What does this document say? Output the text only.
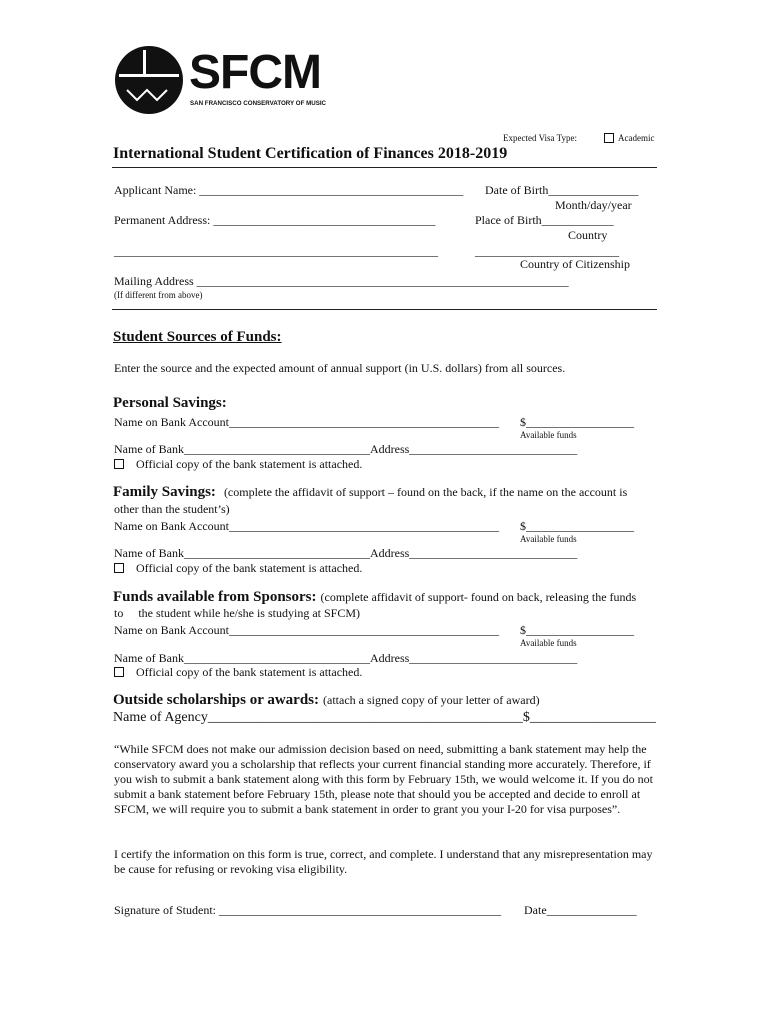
SFCM
SAN FRANCISCO CONSERVATORY OF MUSIC
Expected Visa Type:	Academic
International Student Certification of Finances 2018-2019
Applicant Name: ____________________________________________ Date of Birth_______________
Month/day/year
Permanent Address: _____________________________________	Place of Birth____________
Country
______________________________________________________	________________________
Country of Citizenship
Mailing Address ______________________________________________________________
(If different from above)
Student Sources of Funds:
Enter the source and the expected amount of annual support (in U.S. dollars) from all sources.
Personal Savings:
Name on Bank Account_____________________________________________ $__________________
Available funds
Name of Bank_______________________________Address____________________________
Official copy of the bank statement is attached.
Family Savings: (complete the affidavit of support – found on the back, if the name on the account is
other than the student’s)
Name on Bank Account_____________________________________________ $__________________
Available funds
Name of Bank_______________________________Address____________________________
Official copy of the bank statement is attached.
Funds available from Sponsors: (complete affidavit of support- found on back, releasing the funds
to     the student while he/she is studying at SFCM)
Name on Bank Account_____________________________________________ $__________________
Available funds
Name of Bank_______________________________Address____________________________
Official copy of the bank statement is attached.
Outside scholarships or awards: (attach a signed copy of your letter of award)
Name of Agency_____________________________________________$__________________
“While SFCM does not make our admission decision based on need, submitting a bank statement may help the conservatory award you a scholarship that reflects your current financial standing more accurately. Therefore, if you wish to submit a bank statement along with this form by February 15th, we would welcome it. If you do not submit a bank statement before February 15th, please note that should you be accepted and decide to enroll at SFCM, we will require you to submit a bank statement in order to grant you your I-20 for visa purposes”.
I certify the information on this form is true, correct, and complete. I understand that any misrepresentation may be cause for refusing or revoking visa eligibility.
Signature of Student: _______________________________________________ Date_______________
